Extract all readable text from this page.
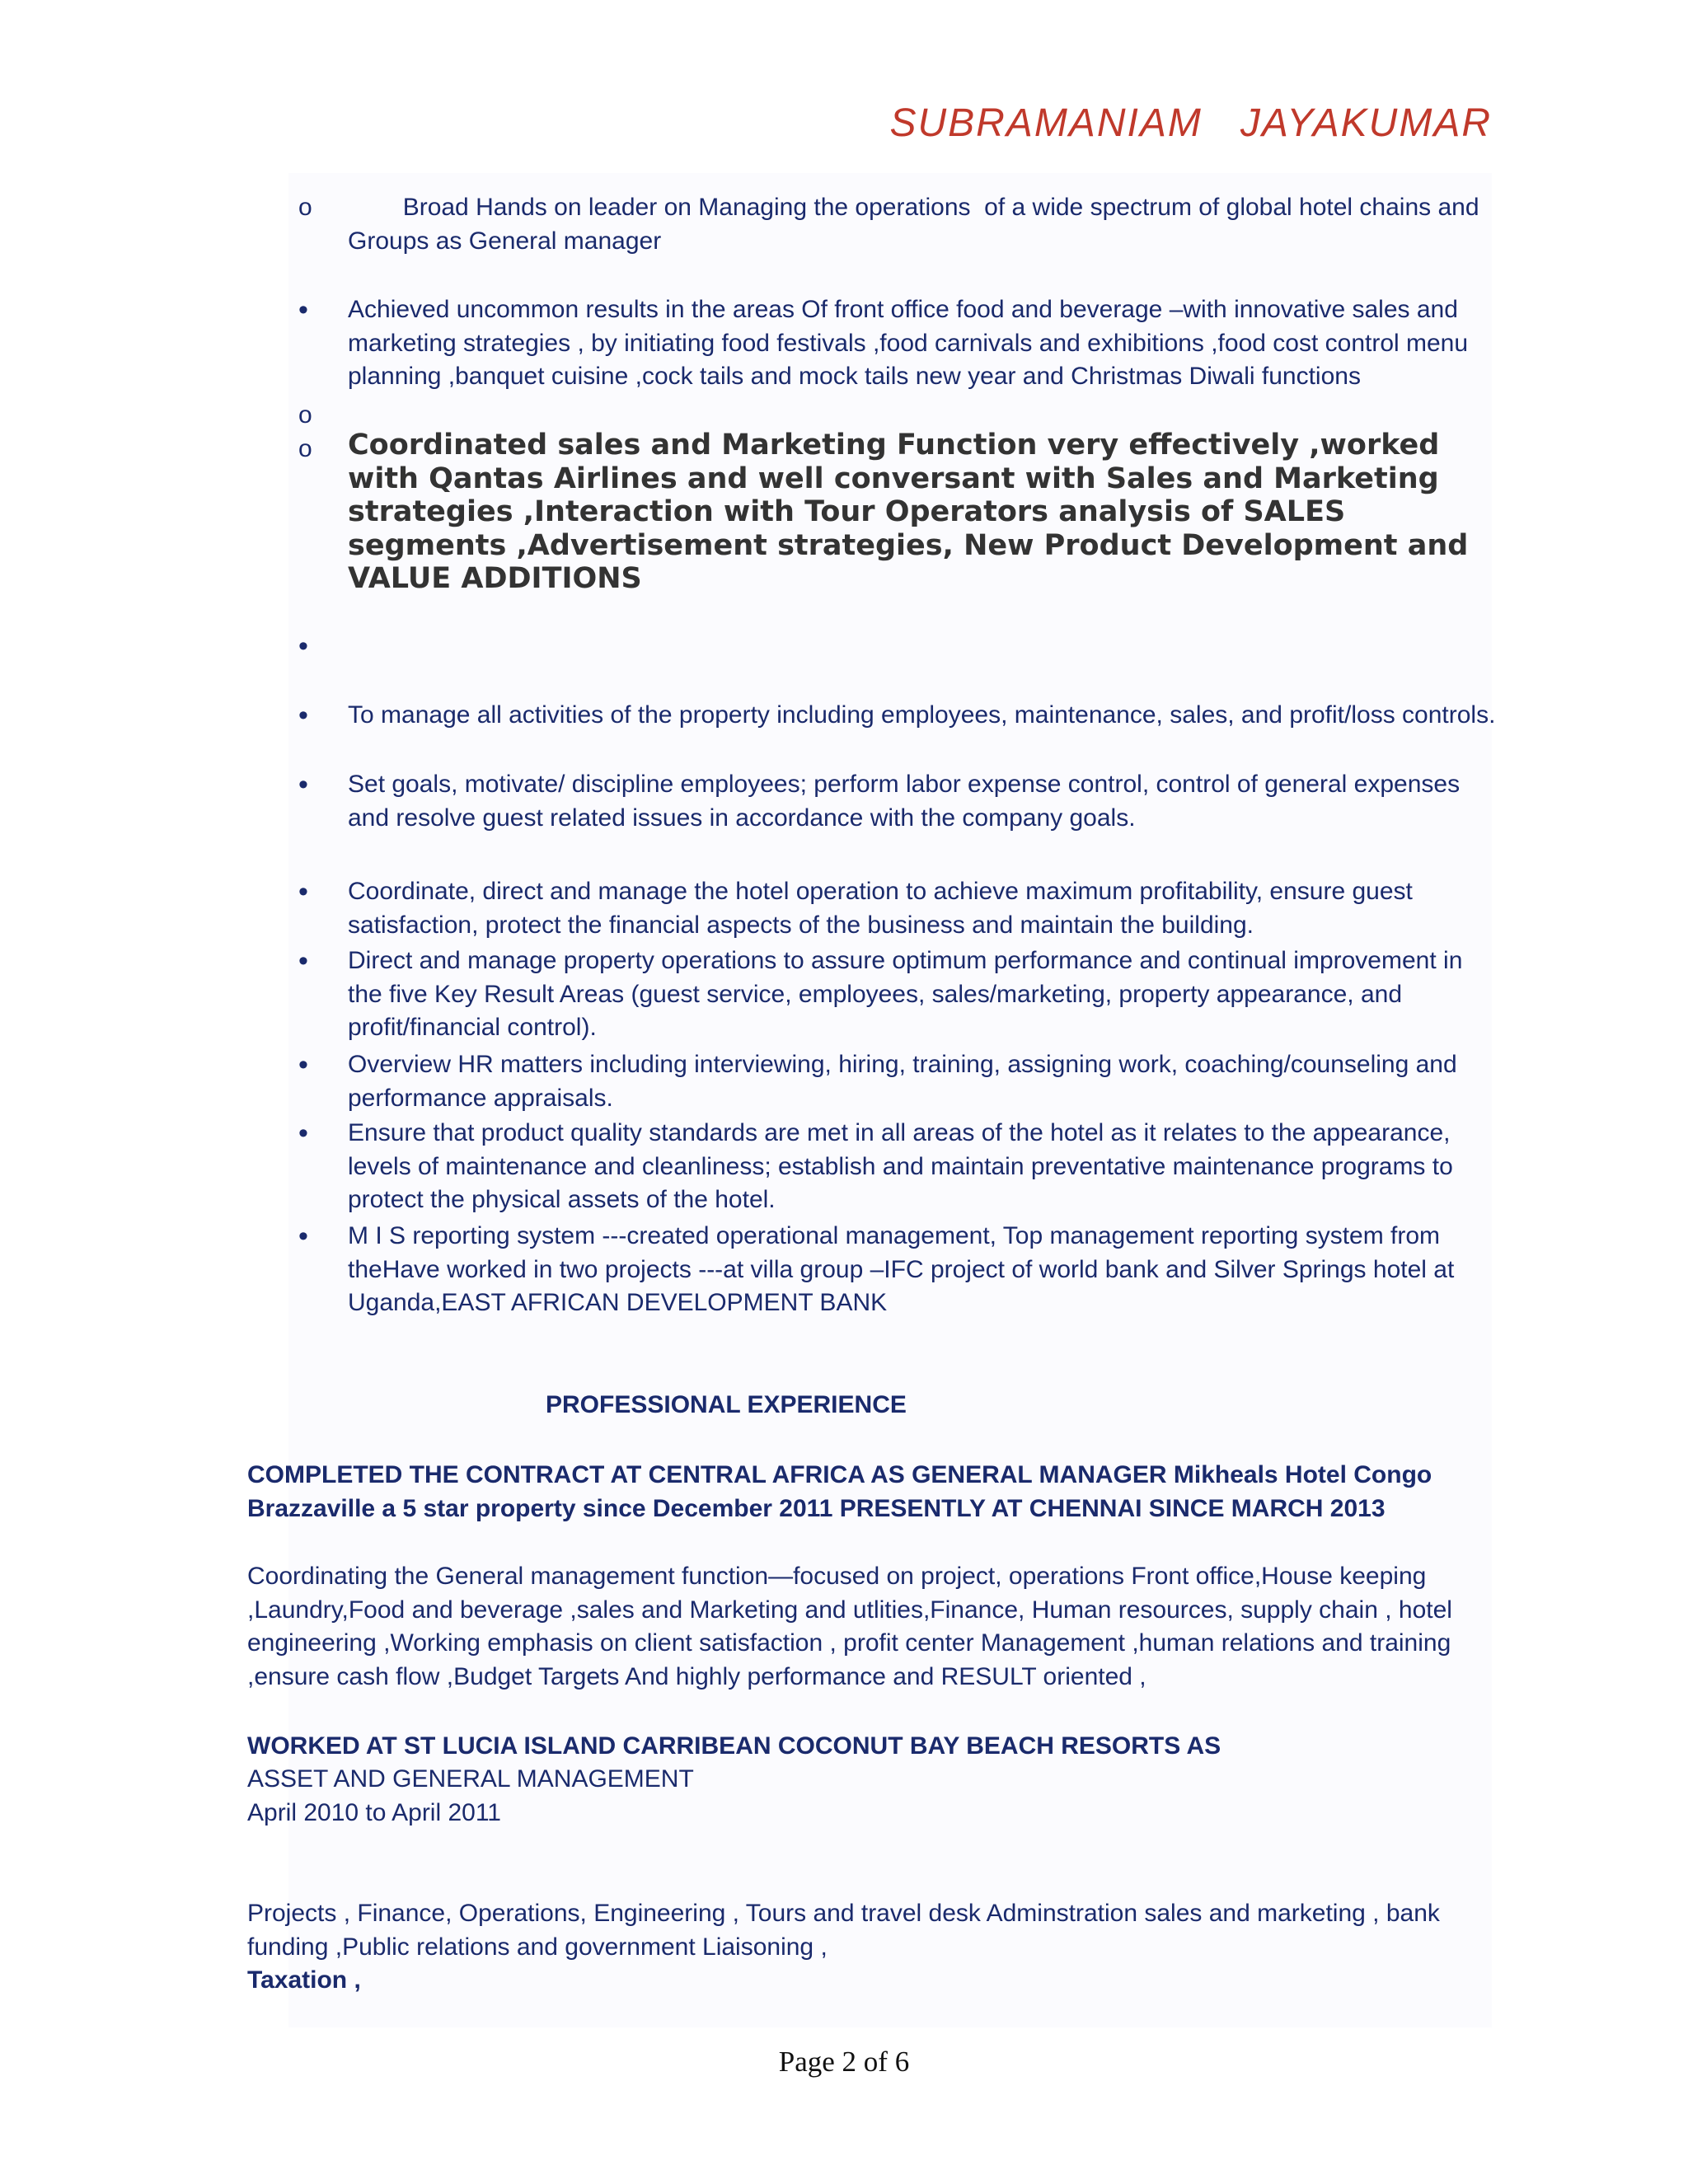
SUBRAMANIAM   JAYAKUMAR
o Broad Hands on leader on Managing the operations  of a wide spectrum of global hotel chains and Groups as General manager
• Achieved uncommon results in the areas Of front office food and beverage –with innovative sales and marketing strategies , by initiating food festivals ,food carnivals and exhibitions ,food cost control menu planning ,banquet cuisine ,cock tails and mock tails new year and Christmas Diwali functions
o
o Coordinated sales and Marketing Function very effectively ,worked with Qantas Airlines and well conversant with Sales and Marketing strategies ,Interaction with Tour Operators analysis of SALES segments ,Advertisement strategies, New Product Development and VALUE ADDITIONS
•
• To manage all activities of the property including employees, maintenance, sales, and profit/loss controls.
• Set goals, motivate/ discipline employees; perform labor expense control, control of general expenses and resolve guest related issues in accordance with the company goals.
• Coordinate, direct and manage the hotel operation to achieve maximum profitability, ensure guest satisfaction, protect the financial aspects of the business and maintain the building.
• Direct and manage property operations to assure optimum performance and continual improvement in the five Key Result Areas (guest service, employees, sales/marketing, property appearance, and profit/financial control).
• Overview HR matters including interviewing, hiring, training, assigning work, coaching/counseling and performance appraisals.
• Ensure that product quality standards are met in all areas of the hotel as it relates to the appearance, levels of maintenance and cleanliness; establish and maintain preventative maintenance programs to protect the physical assets of the hotel.
• M I S reporting system ---created operational management, Top management reporting system from theHave worked in two projects ---at villa group –IFC project of world bank and Silver Springs hotel at Uganda,EAST AFRICAN DEVELOPMENT BANK
PROFESSIONAL EXPERIENCE
COMPLETED THE CONTRACT AT CENTRAL AFRICA AS GENERAL MANAGER Mikheals Hotel Congo Brazzaville a 5 star property since December 2011 PRESENTLY AT CHENNAI SINCE MARCH 2013
Coordinating the General management function—focused on project, operations Front office,House keeping ,Laundry,Food and beverage ,sales and Marketing and utlities,Finance, Human resources, supply chain , hotel engineering ,Working emphasis on client satisfaction , profit center Management ,human relations and training ,ensure cash flow ,Budget Targets And highly performance and RESULT oriented ,
WORKED AT ST LUCIA ISLAND CARRIBEAN COCONUT BAY BEACH RESORTS AS
ASSET AND GENERAL MANAGEMENT
April 2010 to April 2011
Projects , Finance, Operations, Engineering , Tours and travel desk Adminstration sales and marketing , bank funding ,Public relations and government Liaisoning ,
Taxation ,
Page 2 of 6
